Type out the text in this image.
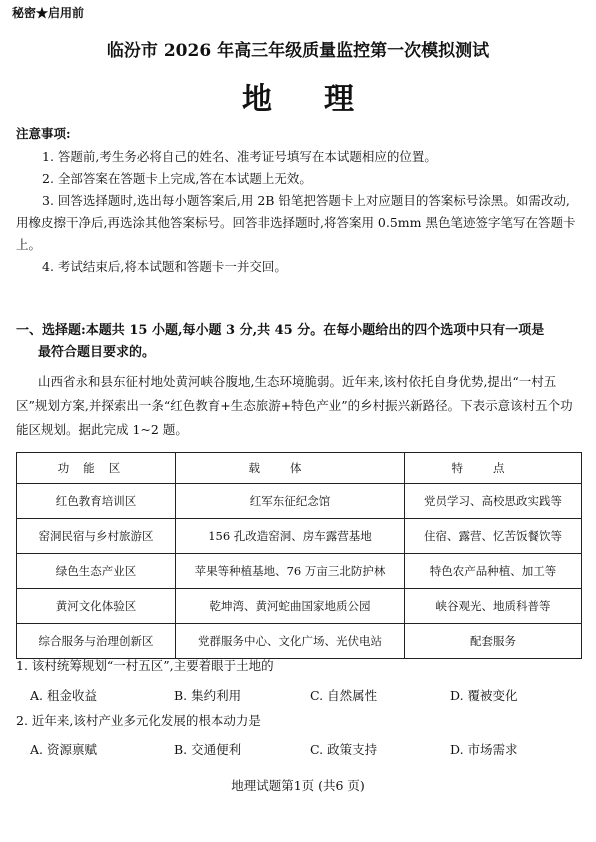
秘密★启用前
临汾市 2026 年高三年级质量监控第一次模拟测试
地理
注意事项:
1. 答题前,考生务必将自己的姓名、准考证号填写在本试题相应的位置。
2. 全部答案在答题卡上完成,答在本试题上无效。
3. 回答选择题时,选出每小题答案后,用 2B 铅笔把答题卡上对应题目的答案标号涂黑。如需改动,用橡皮擦干净后,再选涂其他答案标号。回答非选择题时,将答案用 0.5mm 黑色笔迹签字笔写在答题卡上。
4. 考试结束后,将本试题和答题卡一并交回。
一、选择题:本题共 15 小题,每小题 3 分,共 45 分。在每小题给出的四个选项中只有一项是
最符合题目要求的。
山西省永和县东征村地处黄河峡谷腹地,生态环境脆弱。近年来,该村依托自身优势,提出“一村五区”规划方案,并探索出一条“红色教育+生态旅游+特色产业”的乡村振兴新路径。下表示意该村五个功能区规划。据此完成 1~2 题。
功能区	载体	特点
红色教育培训区	红军东征纪念馆	党员学习、高校思政实践等
窑洞民宿与乡村旅游区	156 孔改造窑洞、房车露营基地	住宿、露营、忆苦饭餐饮等
绿色生态产业区	苹果等种植基地、76 万亩三北防护林	特色农产品种植、加工等
黄河文化体验区	乾坤湾、黄河蛇曲国家地质公园	峡谷观光、地质科普等
综合服务与治理创新区	党群服务中心、文化广场、光伏电站	配套服务
1. 该村统筹规划“一村五区”,主要着眼于土地的
A. 租金收益	B. 集约利用	C. 自然属性	D. 覆被变化
2. 近年来,该村产业多元化发展的根本动力是
A. 资源禀赋	B. 交通便利	C. 政策支持	D. 市场需求
地理试题第1页 (共6 页)
